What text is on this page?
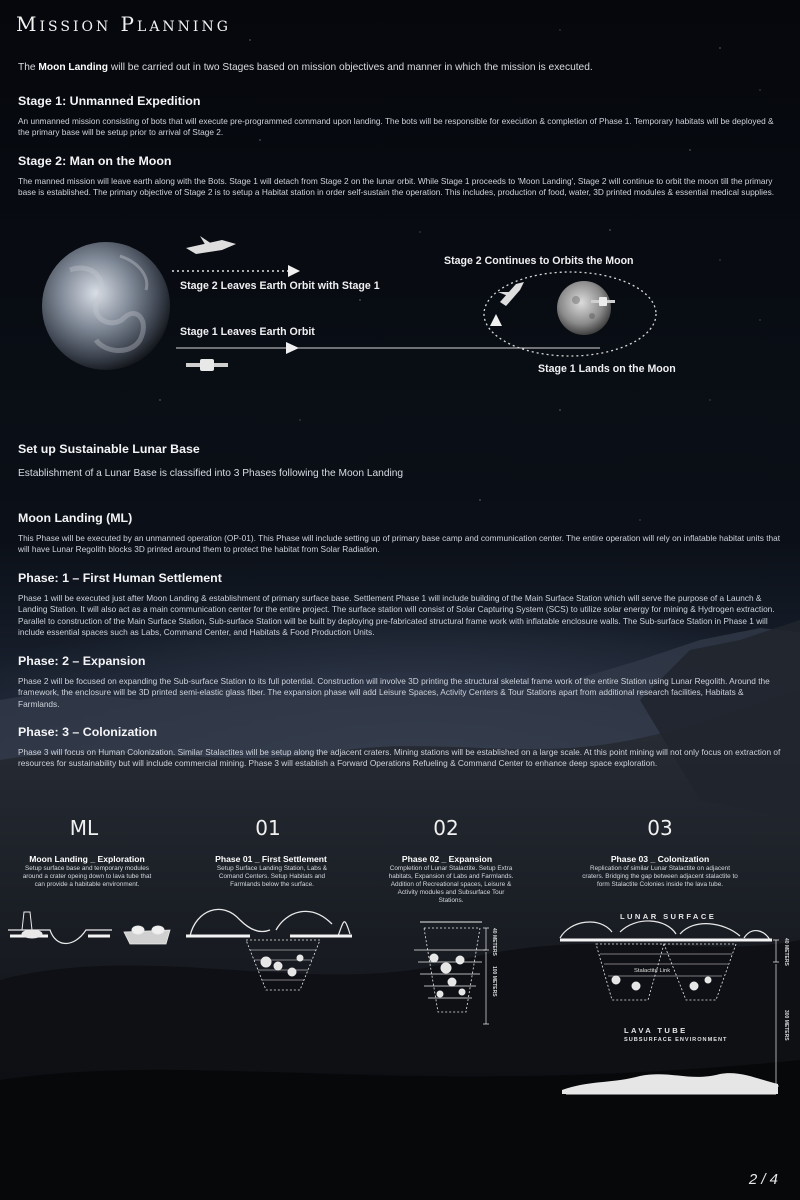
Mission Planning
The Moon Landing will be carried out in two Stages based on mission objectives and manner in which the mission is executed.
Stage 1: Unmanned Expedition
An unmanned mission consisting of bots that will execute pre-programmed command upon landing. The bots will be responsible for execution & completion of Phase 1. Temporary habitats will be deployed & the primary base will be setup prior to arrival of Stage 2.
Stage 2: Man on the Moon
The manned mission will leave earth along with the Bots. Stage 1 will detach from Stage 2 on the lunar orbit. While Stage 1 proceeds to 'Moon Landing', Stage 2 will continue to orbit the moon till the primary base is established. The primary objective of Stage 2 is to setup a Habitat station in order self-sustain the operation. This includes, production of food, water, 3D printed modules & essential medical supplies.
Stage 2 Leaves Earth Orbit with Stage 1
Stage 2 Continues to Orbits the Moon
Stage 1 Leaves Earth Orbit
Stage 1 Lands on the Moon
Set up Sustainable Lunar Base
Establishment of a Lunar Base is classified into 3 Phases following the Moon Landing
Moon Landing (ML)
This Phase will be executed by an unmanned operation (OP-01). This Phase will include setting up of primary base camp and communication center. The entire operation will rely on inflatable habitat units that will have Lunar Regolith blocks 3D printed around them to protect the habitat from Solar Radiation.
Phase: 1 – First Human Settlement
Phase 1 will be executed just after Moon Landing & establishment of primary surface base. Settlement Phase 1 will include building of the Main Surface Station which will serve the purpose of a Launch & Landing Station. It will also act as a main communication center for the entire project. The surface station will consist of Solar Capturing System (SCS) to utilize solar energy for mining & Hydrogen extraction. Parallel to construction of the Main Surface Station, Sub-surface Station will be built by deploying pre-fabricated structural frame work with inflatable enclosure walls. The Sub-surface Station in Phase 1 will include essential spaces such as Labs, Command Center, and Habitats & Food Production Units.
Phase: 2 – Expansion
Phase 2 will be focused on expanding the Sub-surface Station to its full potential. Construction will involve 3D printing the structural skeletal frame work of the entire Station using Lunar Regolith. Around the framework, the enclosure will be 3D printed semi-elastic glass fiber. The expansion phase will add Leisure Spaces, Activity Centers & Tour Stations apart from additional research facilities, Habitats & Farmlands.
Phase: 3 – Colonization
Phase 3 will focus on Human Colonization. Similar Stalactites will be setup along the adjacent craters. Mining stations will be established on a large scale. At this point mining will not only focus on extraction of resources for sustainability but will include commercial mining. Phase 3 will establish a Forward Operations Refueling & Command Center to enhance deep space exploration.
ML
Moon Landing _ Exploration
Setup surface base and temporary modules around a crater opeing down to lava tube that can provide a habitable environment.
01
Phase 01 _ First Settlement
Setup Surface Landing Station, Labs & Comand Centers. Setup Habitats and Farmlands below the surface.
02
Phase 02 _ Expansion
Completion of Lunar Stalactite. Setup Extra habitats, Expansion of Labs and Farmlands. Addition of Recreational spaces, Leisure & Activity modules and Subsurface Tour Stations.
03
Phase 03 _ Colonization
Replication of similar Lunar Stalactite on adjacent craters. Bridging the gap between adjacent stalactite to form Stalactite Colonies inside the lava tube.
LUNAR SURFACE
Stalactite Link
LAVA TUBE
SUBSURFACE ENVIRONMENT
40 METERS
100 METERS
40 METERS
300 METERS
2 / 4
